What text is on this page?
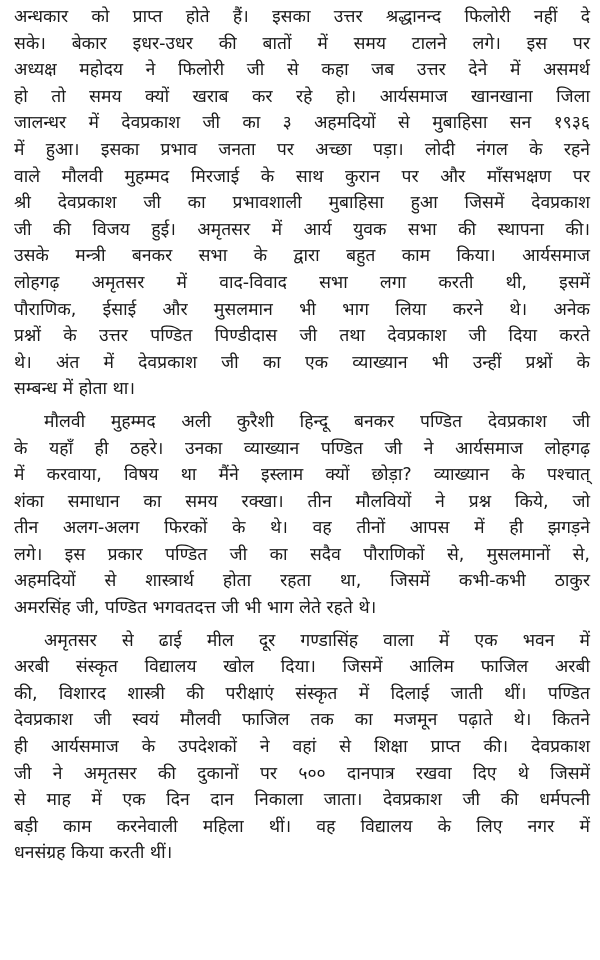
अन्धकार को प्राप्त होते हैं। इसका उत्तर श्रद्धानन्द फिलोरी नहीं दे
सके। बेकार इधर-उधर की बातों में समय टालने लगे। इस पर
अध्यक्ष महोदय ने फिलोरी जी से कहा जब उत्तर देने में असमर्थ
हो तो समय क्यों खराब कर रहे हो। आर्यसमाज खानखाना जिला
जालन्धर में देवप्रकाश जी का ३ अहमदियों से मुबाहिसा सन १९३६
में हुआ। इसका प्रभाव जनता पर अच्छा पड़ा। लोदी नंगल के रहने
वाले मौलवी मुहम्मद मिरजाई के साथ कुरान पर और माँसभक्षण पर
श्री देवप्रकाश जी का प्रभावशाली मुबाहिसा हुआ जिसमें देवप्रकाश
जी की विजय हुई। अमृतसर में आर्य युवक सभा की स्थापना की।
उसके मन्त्री बनकर सभा के द्वारा बहुत काम किया। आर्यसमाज
लोहगढ़ अमृतसर में वाद-विवाद सभा लगा करती थी, इसमें
पौराणिक, ईसाई और मुसलमान भी भाग लिया करने थे। अनेक
प्रश्नों के उत्तर पण्डित पिण्डीदास जी तथा देवप्रकाश जी दिया करते
थे। अंत में देवप्रकाश जी का एक व्याख्यान भी उन्हीं प्रश्नों के
सम्बन्ध में होता था।
मौलवी मुहम्मद अली कुरैशी हिन्दू बनकर पण्डित देवप्रकाश जी
के यहाँ ही ठहरे। उनका व्याख्यान पण्डित जी ने आर्यसमाज लोहगढ़
में करवाया, विषय था मैंने इस्लाम क्यों छोड़ा? व्याख्यान के पश्चात्
शंका समाधान का समय रक्खा। तीन मौलवियों ने प्रश्न किये, जो
तीन अलग-अलग फिरकों के थे। वह तीनों आपस में ही झगड़ने
लगे। इस प्रकार पण्डित जी का सदैव पौराणिकों से, मुसलमानों से,
अहमदियों से शास्त्रार्थ होता रहता था, जिसमें कभी-कभी ठाकुर
अमरसिंह जी, पण्डित भगवतदत्त जी भी भाग लेते रहते थे।
अमृतसर से ढाई मील दूर गण्डासिंह वाला में एक भवन में
अरबी संस्कृत विद्यालय खोल दिया। जिसमें आलिम फाजिल अरबी
की, विशारद शास्त्री की परीक्षाएं संस्कृत में दिलाई जाती थीं। पण्डित
देवप्रकाश जी स्वयं मौलवी फाजिल तक का मजमून पढ़ाते थे। कितने
ही आर्यसमाज के उपदेशकों ने वहां से शिक्षा प्राप्त की। देवप्रकाश
जी ने अमृतसर की दुकानों पर ५०० दानपात्र रखवा दिए थे जिसमें
से माह में एक दिन दान निकाला जाता। देवप्रकाश जी की धर्मपत्नी
बड़ी काम करनेवाली महिला थीं। वह विद्यालय के लिए नगर में
धनसंग्रह किया करती थीं।
